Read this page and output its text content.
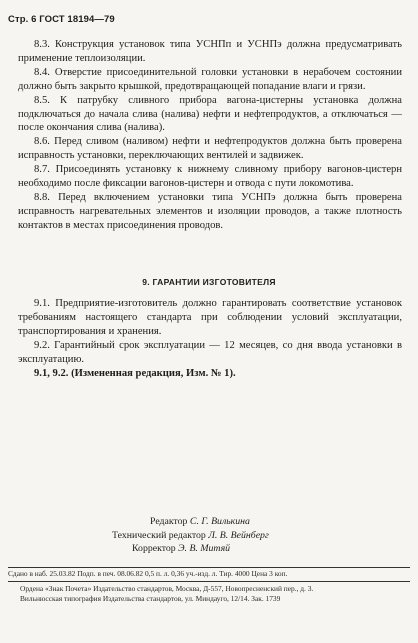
Стр. 6 ГОСТ 18194—79

8.3. Конструкция установок типа УСНПп и УСНПэ должна предусматривать применение теплоизоляции.

8.4. Отверстие присоединительной головки установки в нерабочем состоянии должно быть закрыто крышкой, предотвращающей попадание влаги и грязи.

8.5. К патрубку сливного прибора вагона-цистерны установка должна подключаться до начала слива (налива) нефти и нефтепродуктов, а отключаться — после окончания слива (налива).

8.6. Перед сливом (наливом) нефти и нефтепродуктов должна быть проверена исправность установки, переключающих вентилей и задвижек.

8.7. Присоединять установку к нижнему сливному прибору вагонов-цистерн необходимо после фиксации вагонов-цистерн и отвода с пути локомотива.

8.8. Перед включением установки типа УСНПэ должна быть проверена исправность нагревательных элементов и изоляции проводов, а также плотность контактов в местах присоединения проводов.

9. ГАРАНТИИ ИЗГОТОВИТЕЛЯ

9.1. Предприятие-изготовитель должно гарантировать соответствие установок требованиям настоящего стандарта при соблюдении условий эксплуатации, транспортирования и хранения.

9.2. Гарантийный срок эксплуатации — 12 месяцев, со дня ввода установки в эксплуатацию.

9.1, 9.2. (Измененная редакция, Изм. № 1).

Редактор С. Г. Вилькина
Технический редактор Л. В. Вейнберг
Корректор Э. В. Митяй
Сдано в наб. 25.03.82 Подп. в печ. 08.06.82 0,5 п. л. 0,36 уч.-изд. л. Тир. 4000 Цена 3 коп.
Ордена «Знак Почета» Издательство стандартов, Москва, Д-557, Новопресненский пер., д. 3.
Вильнюсская типография Издательства стандартов, ул. Миндауго, 12/14. Зак. 1739
